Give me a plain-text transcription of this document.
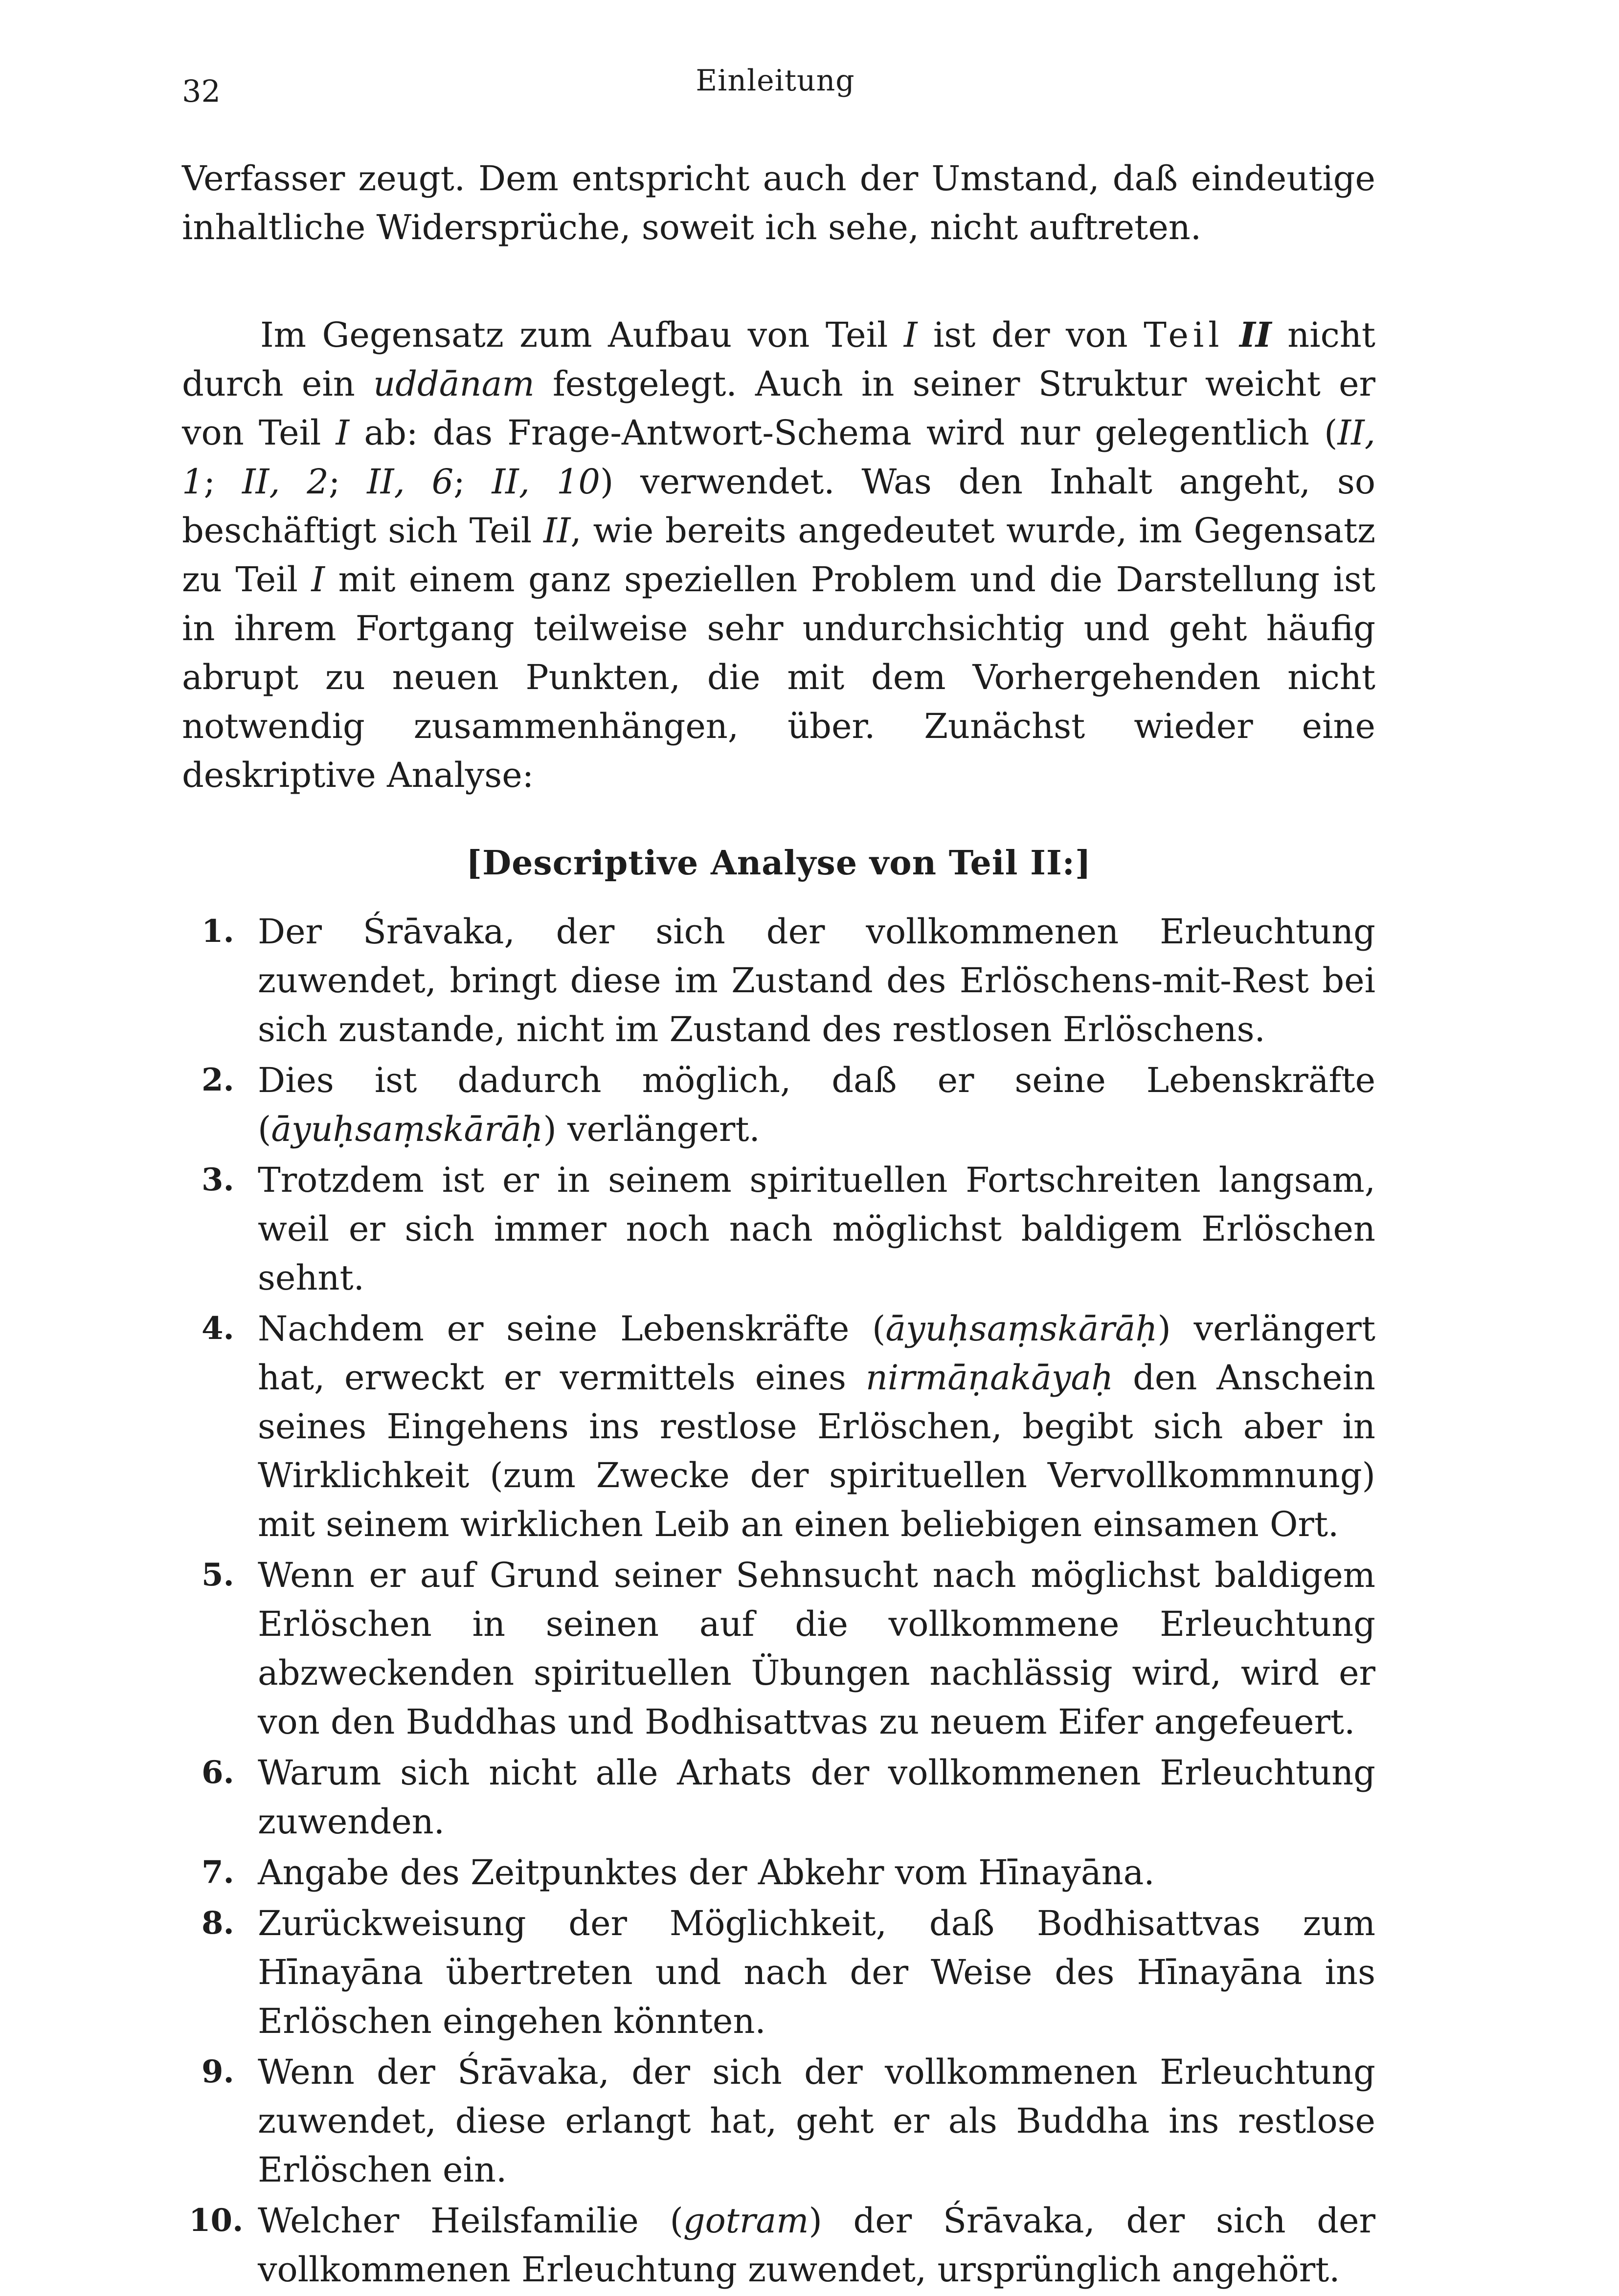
32	Einleitung

Verfasser zeugt. Dem entspricht auch der Umstand, daß eindeutige inhaltliche Widersprüche, soweit ich sehe, nicht auftreten.

Im Gegensatz zum Aufbau von Teil I ist der von Teil II nicht durch ein uddānam festgelegt. Auch in seiner Struktur weicht er von Teil I ab: das Frage-Antwort-Schema wird nur gelegentlich (II, 1; II, 2; II, 6; II, 10) verwendet. Was den Inhalt angeht, so beschäftigt sich Teil II, wie bereits angedeutet wurde, im Gegensatz zu Teil I mit einem ganz speziellen Problem und die Darstellung ist in ihrem Fortgang teilweise sehr undurchsichtig und geht häufig abrupt zu neuen Punkten, die mit dem Vorhergehenden nicht notwendig zusammenhängen, über. Zunächst wieder eine deskriptive Analyse:

[Descriptive Analyse von Teil II:]
1. Der Śrāvaka, der sich der vollkommenen Erleuchtung zuwendet, bringt diese im Zustand des Erlöschens-mit-Rest bei sich zustande, nicht im Zustand des restlosen Erlöschens.
2. Dies ist dadurch möglich, daß er seine Lebenskräfte (āyuḥsaṃskārāḥ) verlängert.
3. Trotzdem ist er in seinem spirituellen Fortschreiten langsam, weil er sich immer noch nach möglichst baldigem Erlöschen sehnt.
4. Nachdem er seine Lebenskräfte (āyuḥsaṃskārāḥ) verlängert hat, erweckt er vermittels eines nirmāṇakāyaḥ den Anschein seines Eingehens ins restlose Erlöschen, begibt sich aber in Wirklichkeit (zum Zwecke der spirituellen Vervollkommnung) mit seinem wirklichen Leib an einen beliebigen einsamen Ort.
5. Wenn er auf Grund seiner Sehnsucht nach möglichst baldigem Erlöschen in seinen auf die vollkommene Erleuchtung abzweckenden spirituellen Übungen nachlässig wird, wird er von den Buddhas und Bodhisattvas zu neuem Eifer angefeuert.
6. Warum sich nicht alle Arhats der vollkommenen Erleuchtung zuwenden.
7. Angabe des Zeitpunktes der Abkehr vom Hīnayāna.
8. Zurückweisung der Möglichkeit, daß Bodhisattvas zum Hīnayāna übertreten und nach der Weise des Hīnayāna ins Erlöschen eingehen könnten.
9. Wenn der Śrāvaka, der sich der vollkommenen Erleuchtung zuwendet, diese erlangt hat, geht er als Buddha ins restlose Erlöschen ein.
10. Welcher Heilsfamilie (gotram) der Śrāvaka, der sich der vollkommenen Erleuchtung zuwendet, ursprünglich angehört.
